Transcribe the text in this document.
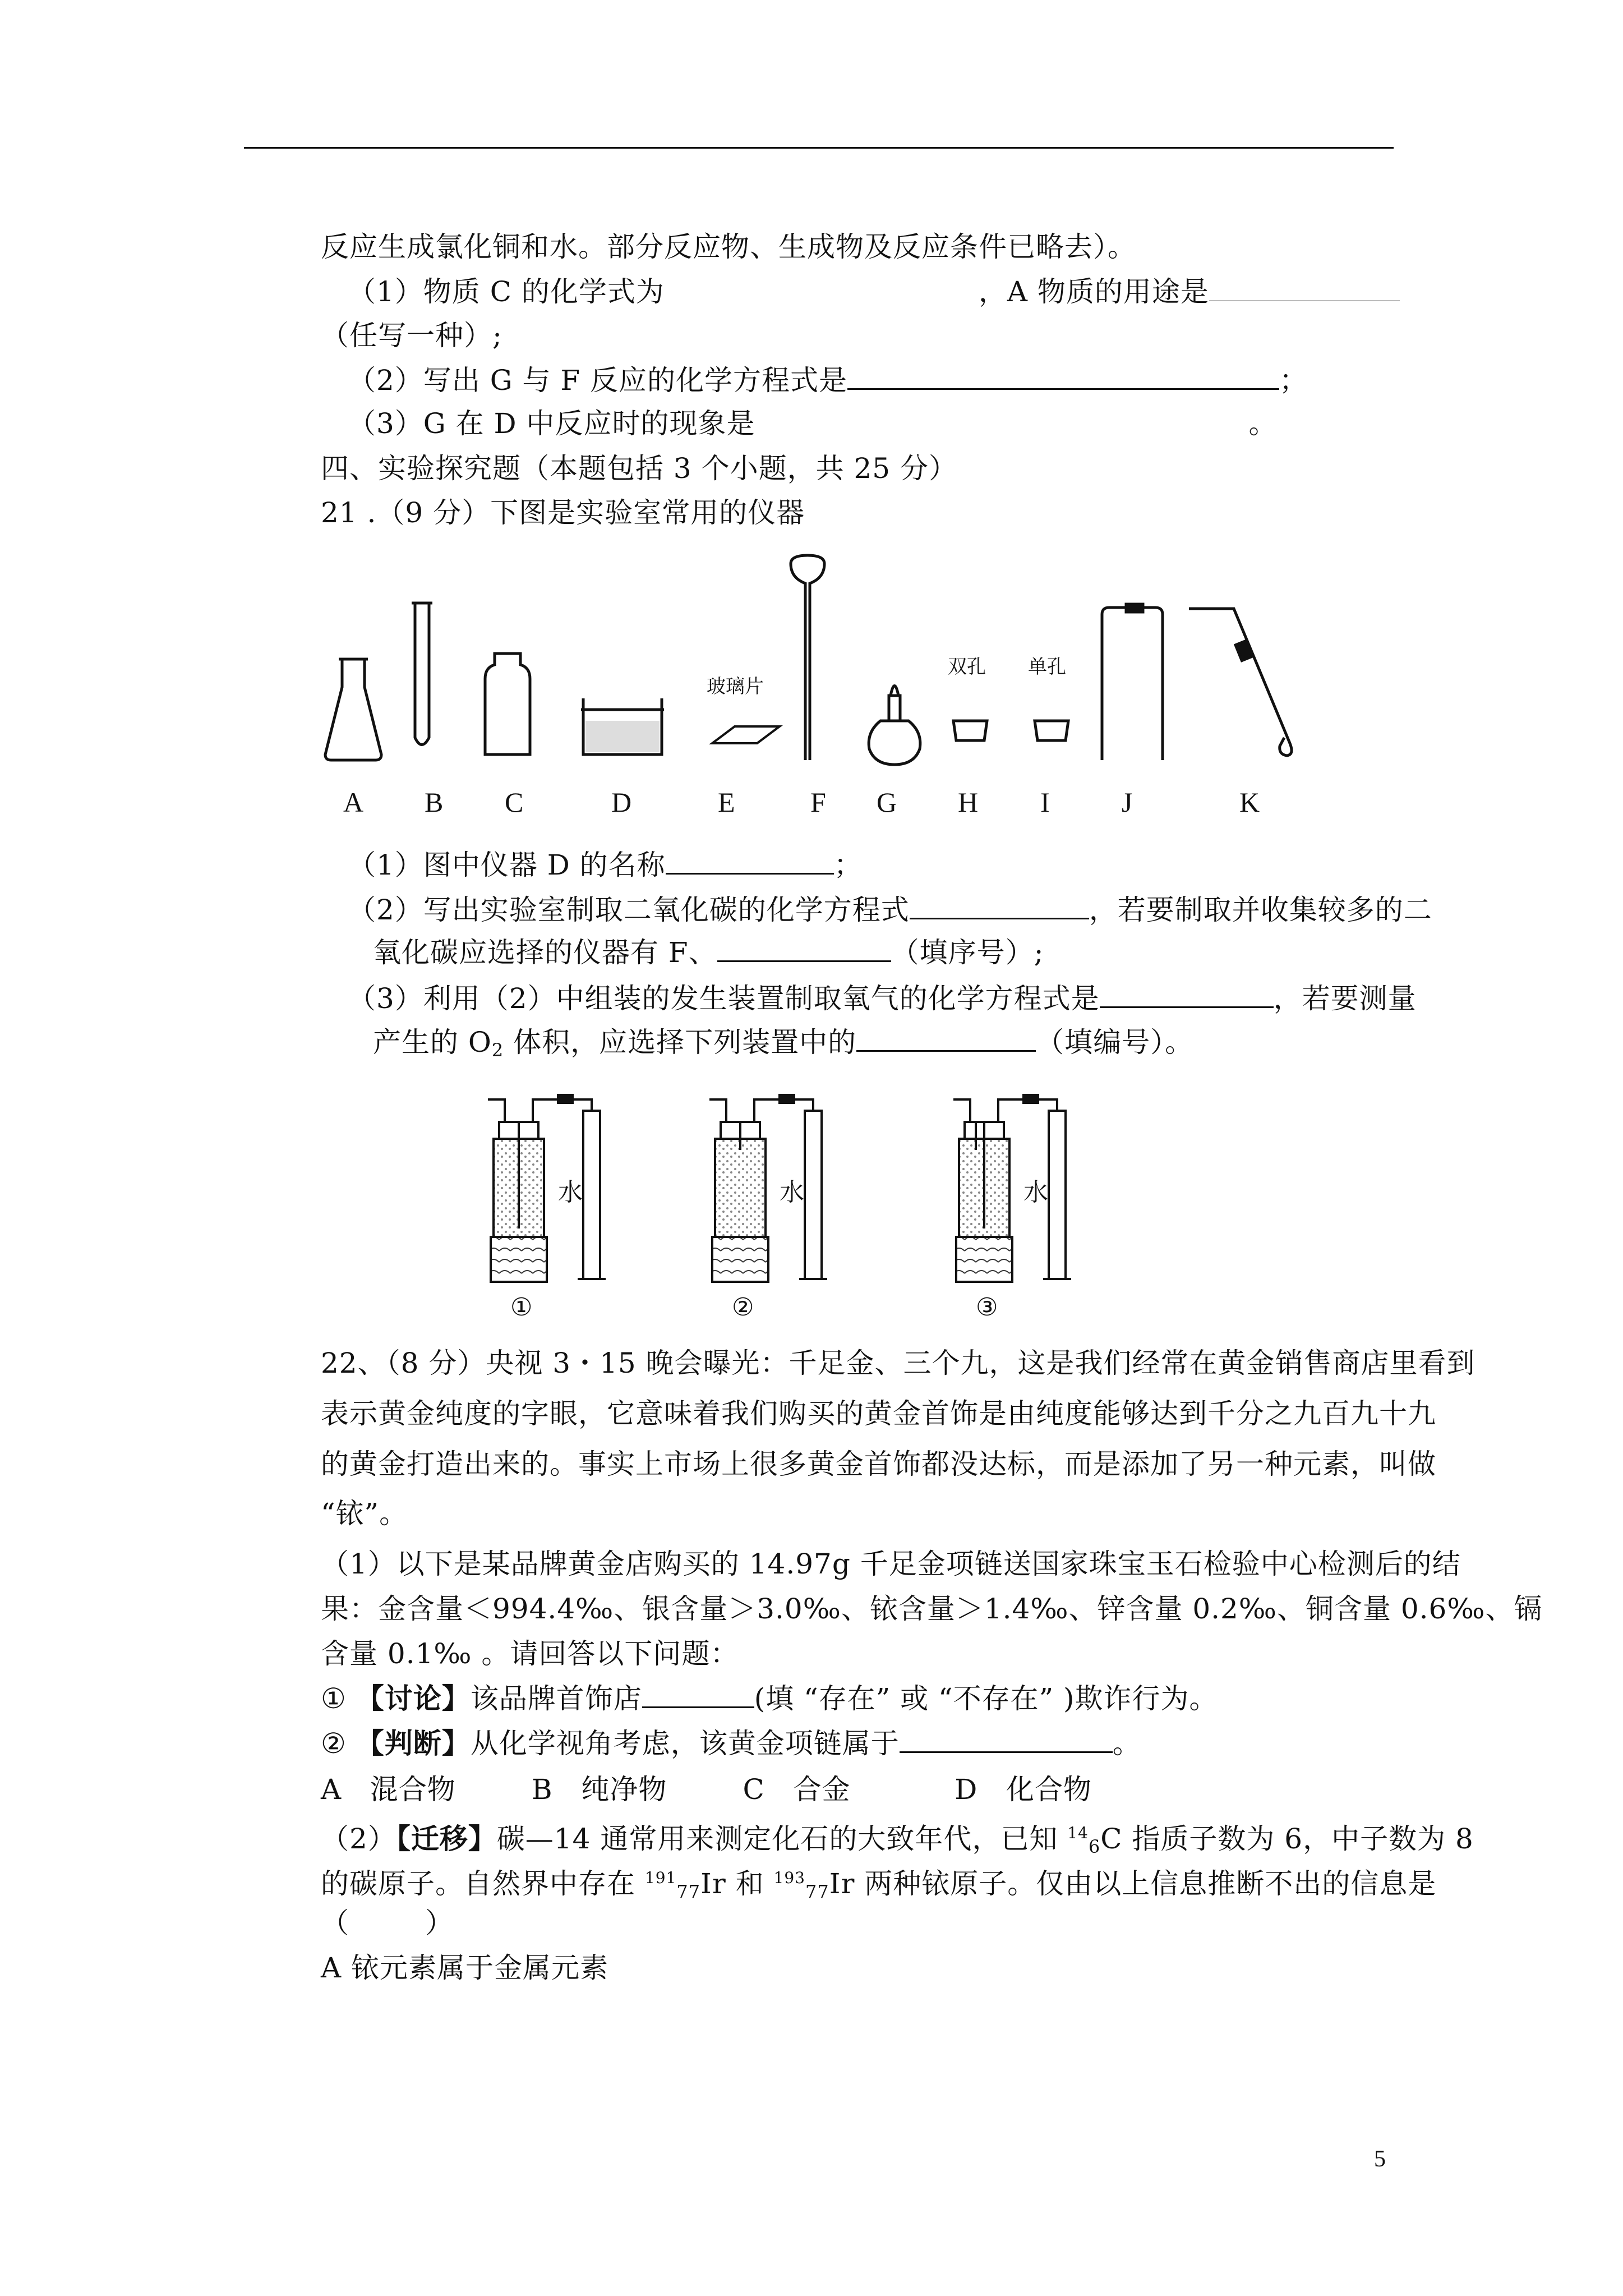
反应生成氯化铜和水。部分反应物、生成物及反应条件已略去）。
（1）物质 C 的化学式为	，A 物质的用途是
（任写一种）;
（2）写出 G 与 F 反应的化学方程式是	；
（3）G 在 D 中反应时的现象是	。
四、实验探究题（本题包括 3 个小题，共 25 分）
21 .（9 分）下图是实验室常用的仪器
玻璃片
双孔 单孔
A B C	D	E	F G H I	J	K
（1）图中仪器 D 的名称	；
（2）写出实验室制取二氧化碳的化学方程式	，若要制取并收集较多的二
氧化碳应选择的仪器有 F、	（填序号）;
（3）利用（2）中组装的发生装置制取氧气的化学方程式是	，若要测量
产生的 $O_2$ 体积，应选择下列装置中的	（填编号）。
水	水	水
①	②	③
22、（8 分）央视 3・15 晚会曝光：千足金、三个九，这是我们经常在黄金销售商店里看到
表示黄金纯度的字眼，它意味着我们购买的黄金首饰是由纯度能够达到千分之九百九十九
的黄金打造出来的。事实上市场上很多黄金首饰都没达标，而是添加了另一种元素，叫做
“铱”。
（1）以下是某品牌黄金店购买的 14.97g 千足金项链送国家珠宝玉石检验中心检测后的结
果：金含量＜994.4‰、银含量＞3.0‰、铱含量＞1.4‰、锌含量 0.2‰、铜含量 0.6‰、镉
含量 0.1‰ 。请回答以下问题：
① 【讨论】该品牌首饰店	(填 “存在” 或 “不存在” )欺诈行为。
② 【判断】从化学视角考虑，该黄金项链属于	。
A   混合物        B   纯净物        C   合金           D   化合物
（2）【迁移】碳—14 通常用来测定化石的大致年代，已知 $^{14}_6$C 指质子数为 6，中子数为 8
的碳原子。自然界中存在 $^{191}_{77}$Ir 和 $^{193}_{77}$Ir 两种铱原子。仅由以上信息推断不出的信息是
（        ）
A 铱元素属于金属元素
5
